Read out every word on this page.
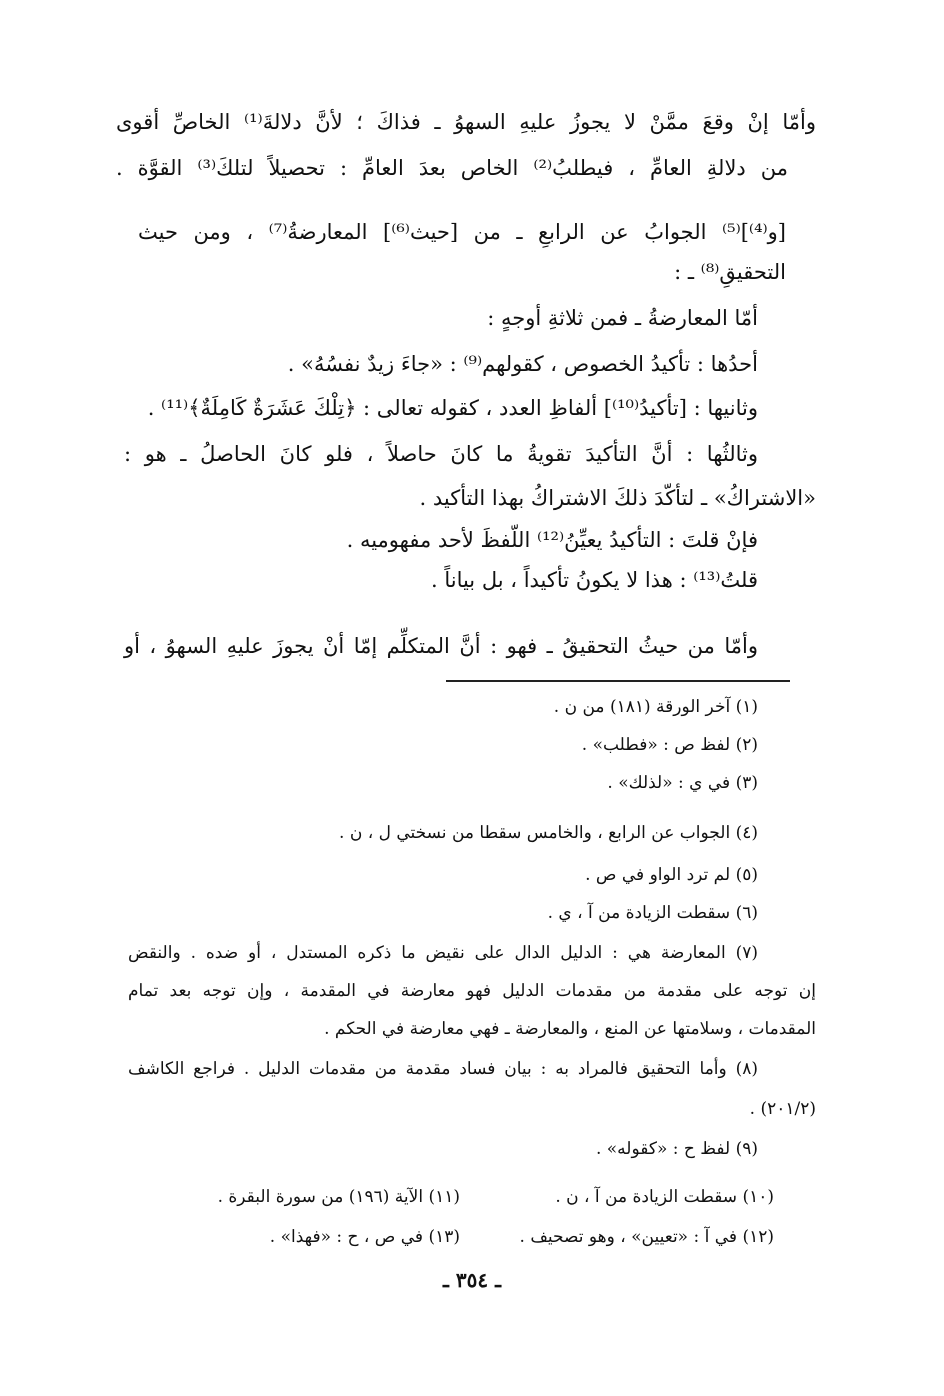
وأمّا إنْ وقعَ ممَّنْ لا يجوزُ عليهِ السهوُ ـ فذاكَ ؛ لأنَّ دلالةَ⁽¹⁾ الخاصِّ أقوى
من دلالةِ العامِّ ، فيطلبُ⁽²⁾ الخاص بعدَ العامِّ : تحصيلاً لتلكَ⁽³⁾ القوَّة .
[و⁽⁴⁾]⁽⁵⁾ الجوابُ عن الرابعِ ـ من [حيث⁽⁶⁾] المعارضةُ⁽⁷⁾ ، ومن حيث
التحقيقِ⁽⁸⁾ ـ :
أمّا المعارضةُ ـ فمن ثلاثةِ أوجهٍ :
أحدُها : تأكيدُ الخصوص ، كقولهم⁽⁹⁾ : «جاءَ زيدٌ نفسُهُ» .
وثانيها : [تأكيدُ⁽¹⁰⁾] ألفاظِ العدد ، كقوله تعالى : ﴿تِلْكَ عَشَرَةٌ كَامِلَةٌ﴾⁽¹¹⁾ .
وثالثُها : أنَّ التأكيدَ تقويةُ ما كانَ حاصلاً ، فلو كانَ الحاصلُ ـ هو :
«الاشتراكُ» ـ لتأكّدَ ذلكَ الاشتراكُ بهذا التأكيد .
فإنْ قلتَ : التأكيدُ يعيِّنُ⁽¹²⁾ اللّفظَ لأحد مفهوميه .
قلتُ⁽¹³⁾ : هذا لا يكونُ تأكيداً ، بل بياناً .
وأمّا من حيثُ التحقيقُ ـ فهو : أنَّ المتكلِّم إمّا أنْ يجوزَ عليهِ السهوُ ، أو
(١) آخر الورقة (١٨١) من ن .
(٢) لفظ ص : «فطلب» .
(٣) في ي : «لذلك» .
(٤) الجواب عن الرابع ، والخامس سقطا من نسختي ل ، ن .
(٥) لم ترد الواو في ص .
(٦) سقطت الزيادة من آ ، ي .
(٧) المعارضة هي : الدليل الدال على نقيض ما ذكره المستدل ، أو ضده . والنقض
إن توجه على مقدمة من مقدمات الدليل فهو معارضة في المقدمة ، وإن توجه بعد تمام
المقدمات ، وسلامتها عن المنع ، والمعارضة ـ فهي معارضة في الحكم .
(٨) وأما التحقيق فالمراد به : بيان فساد مقدمة من مقدمات الدليل . فراجع الكاشف
(٢٠١/٢) .
(٩) لفظ ح : «كقوله» .
(١٠) سقطت الزيادة من آ ، ن .
(١١) الآية (١٩٦) من سورة البقرة .
(١٢) في آ : «تعيين» ، وهو تصحيف .
(١٣) في ص ، ح : «فهذا» .
ـ ٣٥٤ ـ
